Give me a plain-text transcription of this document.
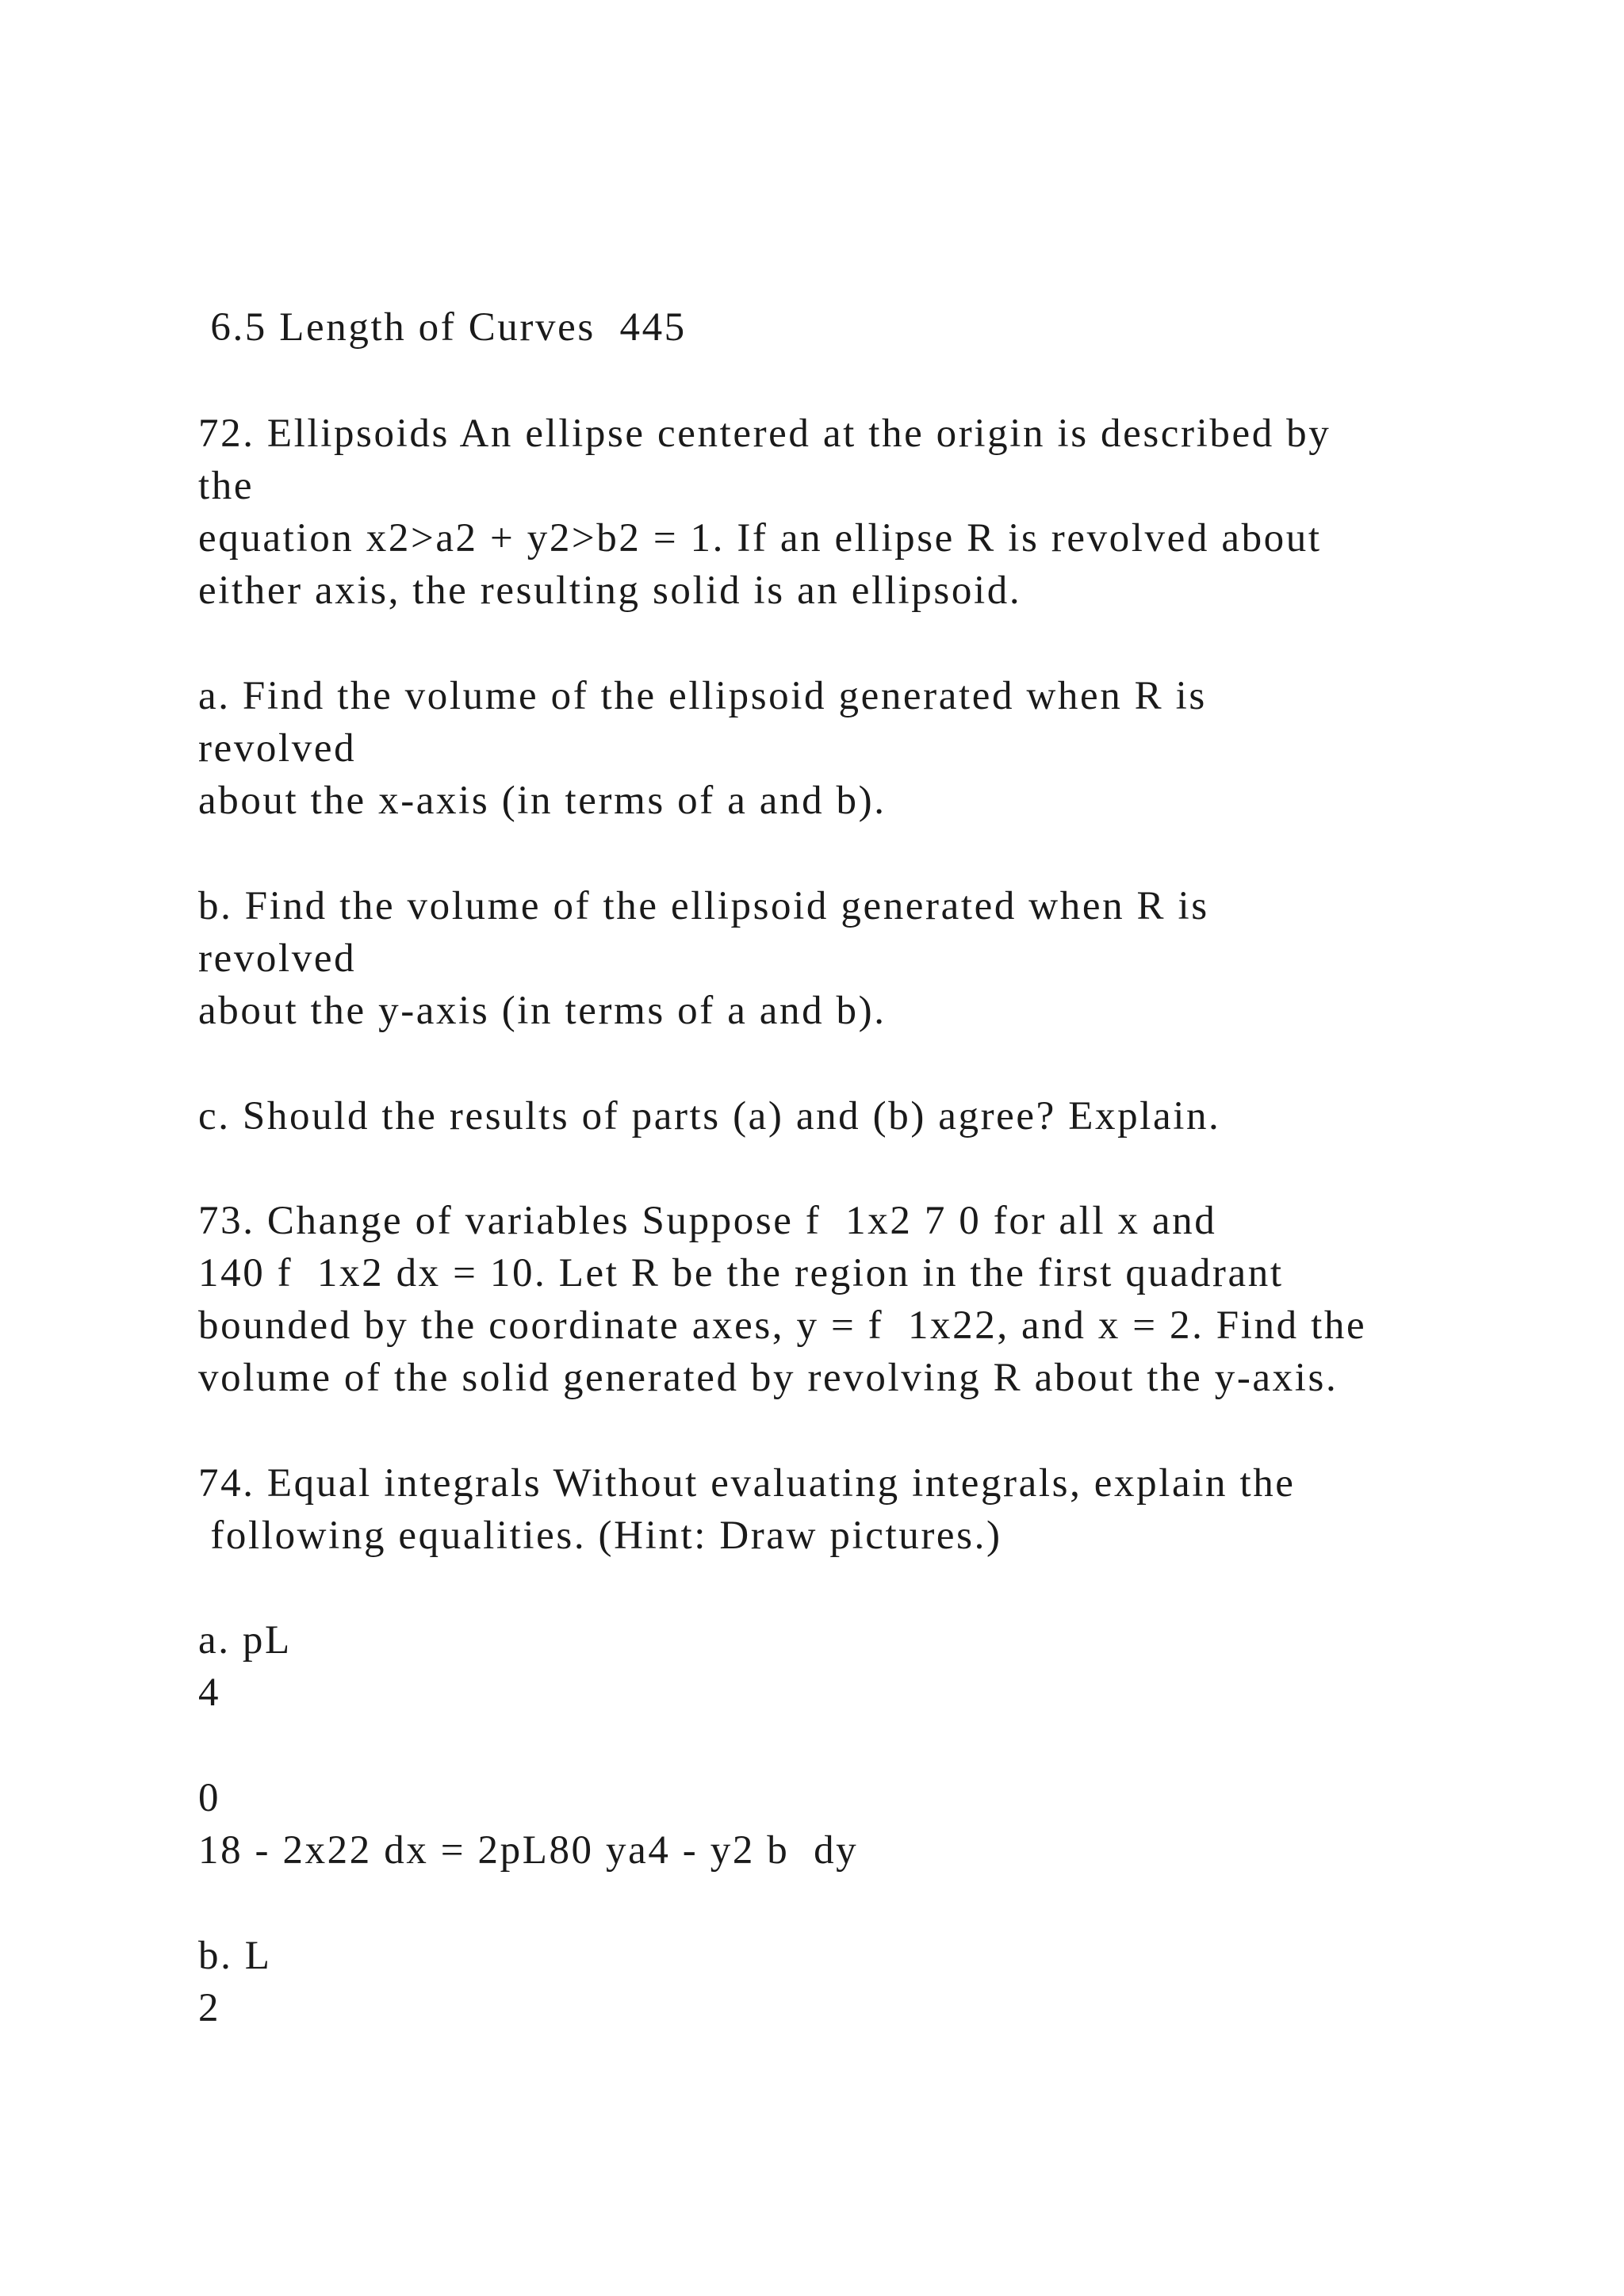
6.5 Length of Curves  445

72. Ellipsoids An ellipse centered at the origin is described by

the

equation x2>a2 + y2>b2 = 1. If an ellipse R is revolved about

either axis, the resulting solid is an ellipsoid.

a. Find the volume of the ellipsoid generated when R is

revolved

about the x-axis (in terms of a and b).

b. Find the volume of the ellipsoid generated when R is

revolved

about the y-axis (in terms of a and b).

c. Should the results of parts (a) and (b) agree? Explain.

73. Change of variables Suppose f  1x2 7 0 for all x and

140 f  1x2 dx = 10. Let R be the region in the first quadrant

bounded by the coordinate axes, y = f  1x22, and x = 2. Find the

volume of the solid generated by revolving R about the y-axis.

74. Equal integrals Without evaluating integrals, explain the

following equalities. (Hint: Draw pictures.)

a. pL

4

0

18 - 2x22 dx = 2pL80 ya4 - y2 b  dy

b. L

2
